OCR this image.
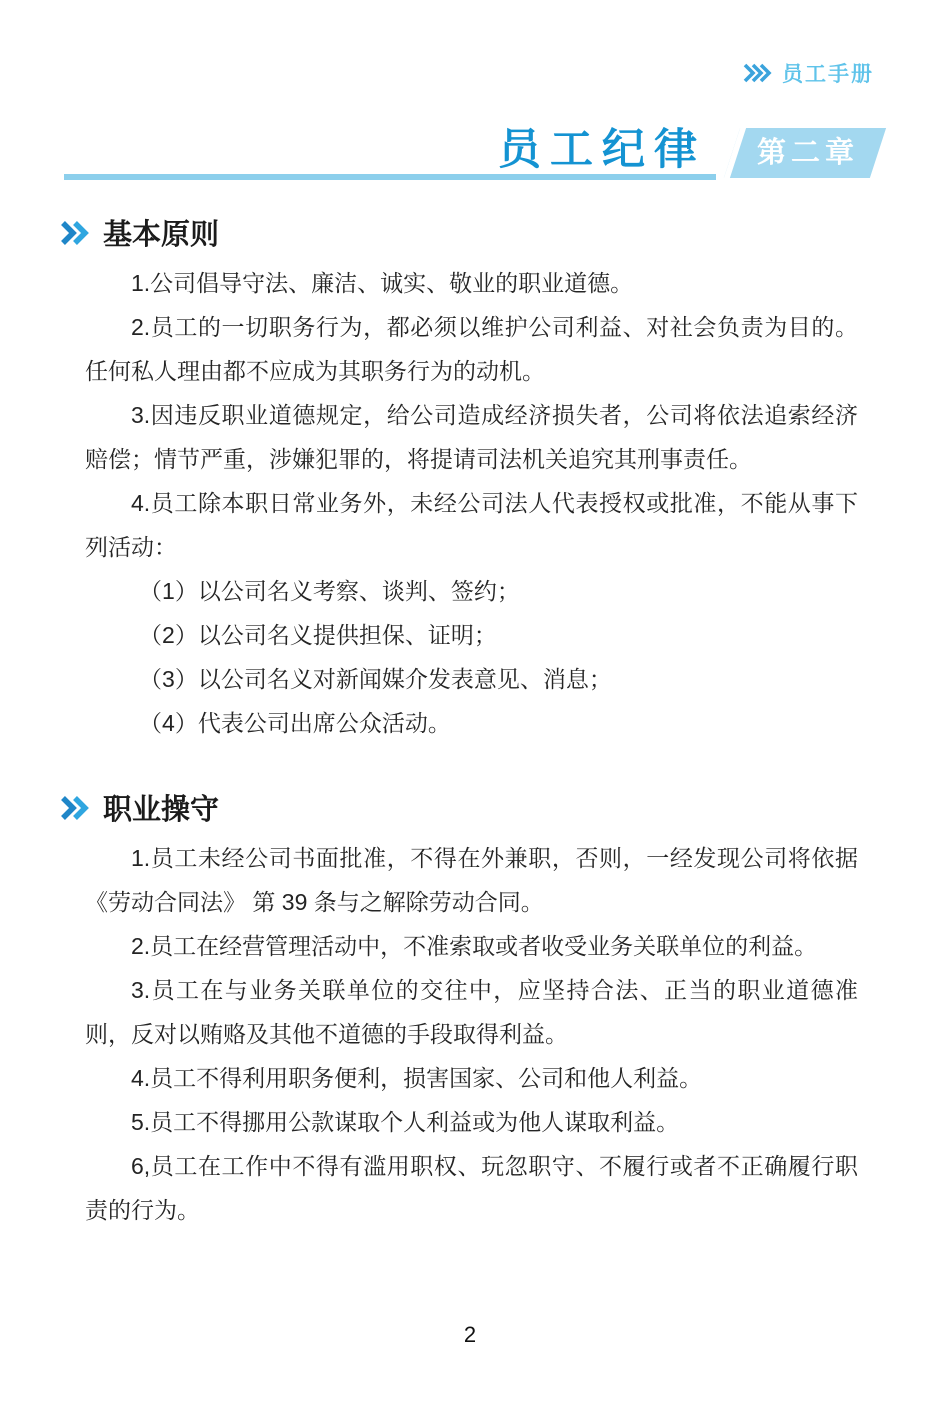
员工手册
员工纪律	第二章
基本原则

1.公司倡导守法、廉洁、诚实、敬业的职业道德。

2.员工的一切职务行为，都必须以维护公司利益、对社会负责为目的。任何私人理由都不应成为其职务行为的动机。

3.因违反职业道德规定，给公司造成经济损失者，公司将依法追索经济赔偿；情节严重，涉嫌犯罪的，将提请司法机关追究其刑事责任。

4.员工除本职日常业务外，未经公司法人代表授权或批准，不能从事下列活动：

（1）以公司名义考察、谈判、签约；

（2）以公司名义提供担保、证明；

（3）以公司名义对新闻媒介发表意见、消息；

（4）代表公司出席公众活动。

职业操守

1.员工未经公司书面批准，不得在外兼职，否则，一经发现公司将依据《劳动合同法》 第 39 条与之解除劳动合同。

2.员工在经营管理活动中，不准索取或者收受业务关联单位的利益。

3.员工在与业务关联单位的交往中，应坚持合法、正当的职业道德准则，反对以贿赂及其他不道德的手段取得利益。

4.员工不得利用职务便利，损害国家、公司和他人利益。

5.员工不得挪用公款谋取个人利益或为他人谋取利益。

6,员工在工作中不得有滥用职权、玩忽职守、不履行或者不正确履行职责的行为。

2
